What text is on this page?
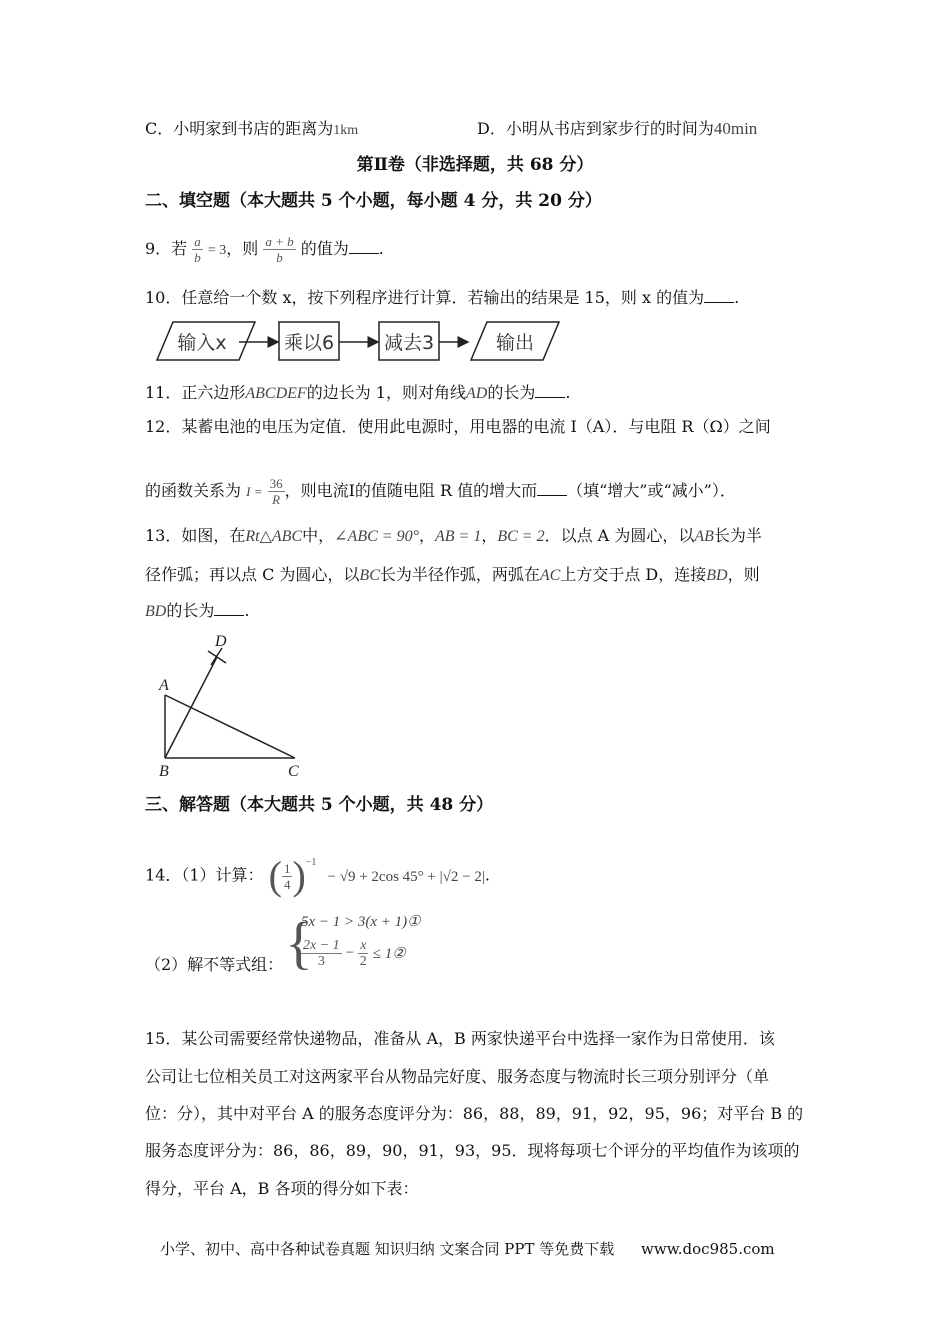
C．小明家到书店的距离为1km	D．小明从书店到家步行的时间为40min
第Ⅱ卷（非选择题，共 68 分）
二、填空题（本大题共 5 个小题，每小题 4 分，共 20 分）
9．若 $\frac{a}{b} = 3$，则 $\frac{a + b}{b}$ 的值为 .
10．任意给一个数 x，按下列程序进行计算．若输出的结果是 15，则 x 的值为 .
输入x	乘以6	减去3	输出
11．正六边形ABCDEF的边长为 1，则对角线AD的长为 .
12．某蓄电池的电压为定值．使用此电源时，用电器的电流 I（A）．与电阻 R（Ω）之间
的函数关系为 $I = \frac{36}{R}$ ，则电流I的值随电阻 R 值的增大而 （填“增大”或“减小”）．
13．如图，在Rt△ABC中，∠ABC = 90°，AB = 1，BC = 2．以点 A 为圆心，以AB长为半
径作弧；再以点 C 为圆心，以BC长为半径作弧，两弧在AC上方交于点 D，连接BD，则
BD的长为 .
D
A
B	C
三、解答题（本大题共 5 个小题，共 48 分）
14．（1）计算： ( $\frac{1}{4}$ ) −1
− √9 + 2cos 45° + |√2 − 2|.
（2）解不等式组： {
5x − 1 > 3(x + 1)①
$\frac{2x - 1}{3} - \frac{x}{2}$ ≤ 1②
15．某公司需要经常快递物品，准备从 A，B 两家快递平台中选择一家作为日常使用．该
公司让七位相关员工对这两家平台从物品完好度、服务态度与物流时长三项分别评分（单
位：分），其中对平台 A 的服务态度评分为：86，88，89，91，92，95，96；对平台 B 的
服务态度评分为：86，86，89，90，91，93，95．现将每项七个评分的平均值作为该项的
得分，平台 A，B 各项的得分如下表：
小学、初中、高中各种试卷真题 知识归纳 文案合同 PPT 等免费下载 www.doc985.com
